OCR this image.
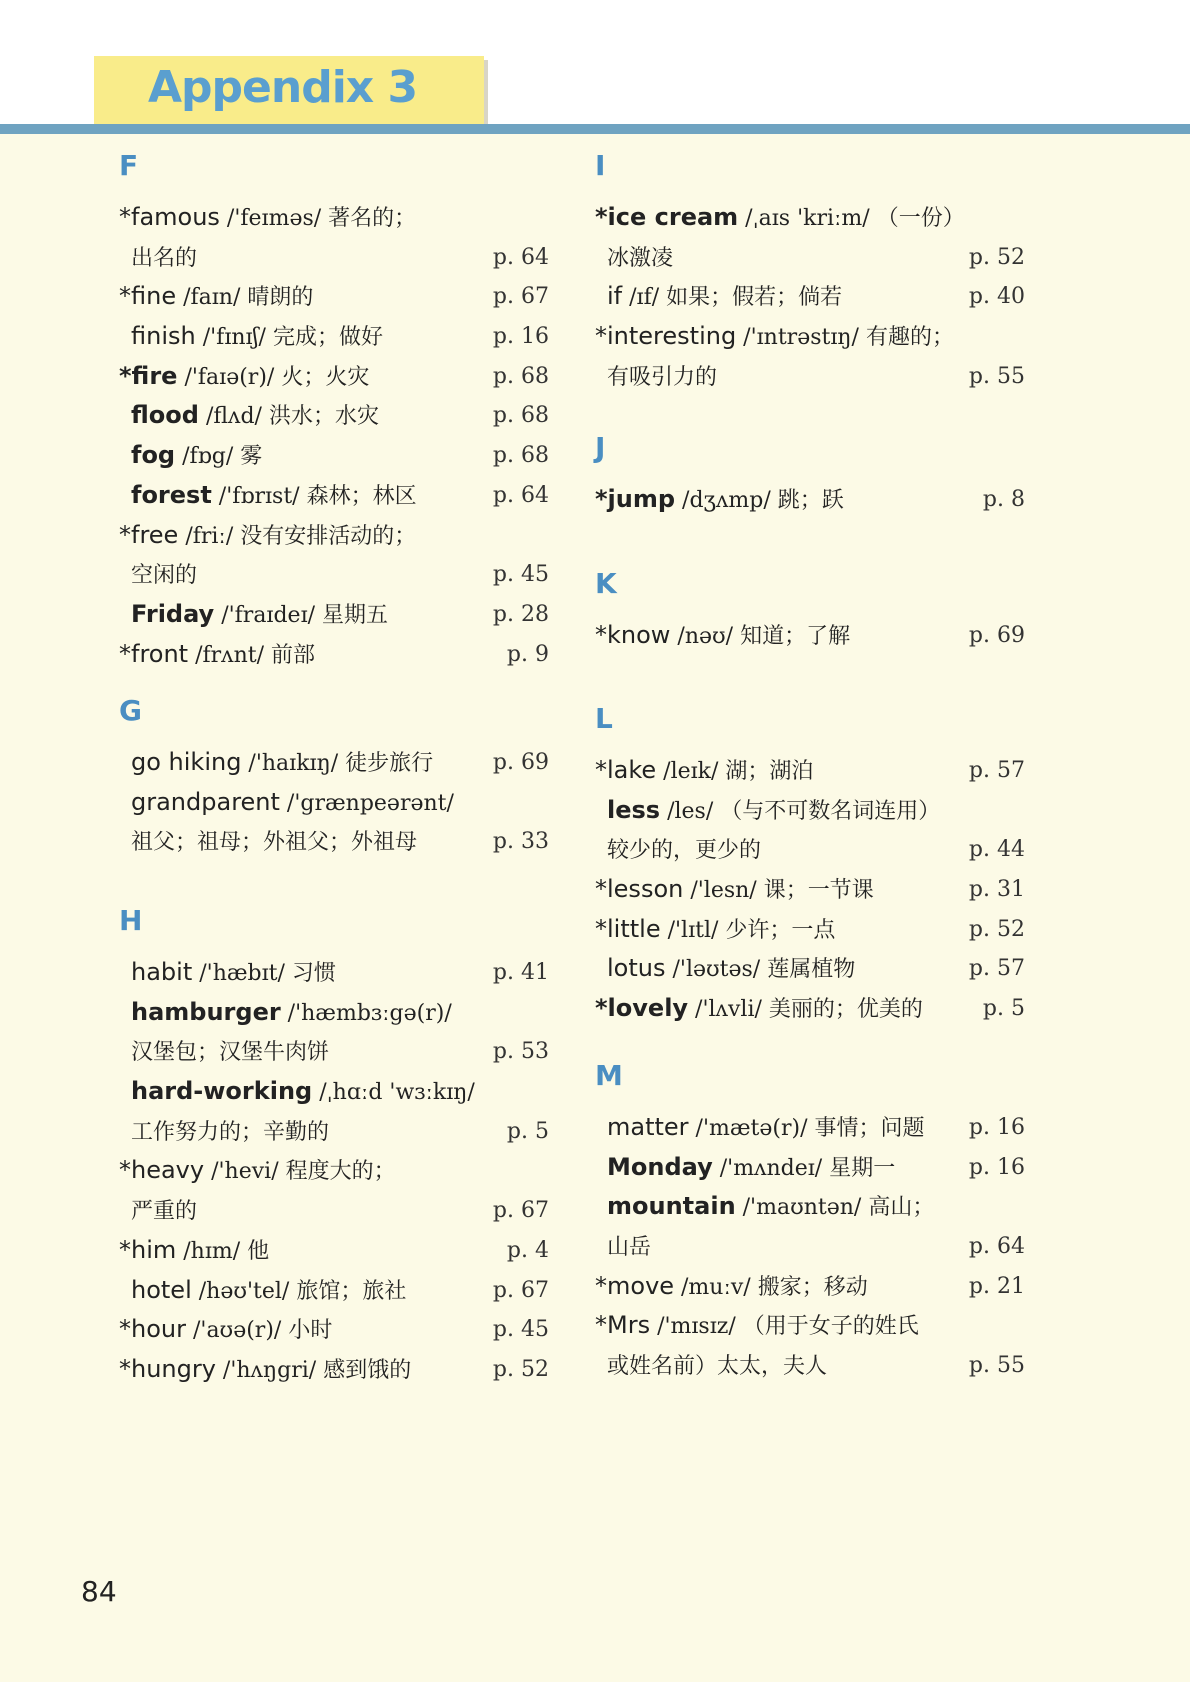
Appendix 3
F
*famous /'feɪməs/ 著名的；
出名的	p. 64
*fine /faɪn/ 晴朗的	p. 67
finish /'fɪnɪʃ/ 完成；做好	p. 16
*fire /'faɪə(r)/ 火；火灾	p. 68
flood /flʌd/ 洪水；水灾	p. 68
fog /fɒg/ 雾	p. 68
forest /'fɒrɪst/ 森林；林区	p. 64
*free /friː/ 没有安排活动的；
空闲的	p. 45
Friday /'fraɪdeɪ/ 星期五	p. 28
*front /frʌnt/ 前部	p. 9
G
go hiking /'haɪkɪŋ/ 徒步旅行	p. 69
grandparent /'grænpeərənt/
祖父；祖母；外祖父；外祖母	p. 33
H
habit /'hæbɪt/ 习惯	p. 41
hamburger /'hæmbɜːgə(r)/
汉堡包；汉堡牛肉饼	p. 53
hard-working /ˌhɑːd 'wɜːkɪŋ/
工作努力的；辛勤的	p. 5
*heavy /'hevi/ 程度大的；
严重的	p. 67
*him /hɪm/ 他	p. 4
hotel /həʊ'tel/ 旅馆；旅社	p. 67
*hour /'aʊə(r)/ 小时	p. 45
*hungry /'hʌŋgri/ 感到饿的	p. 52
I
*ice cream /ˌaɪs 'kriːm/ （一份）
冰激凌	p. 52
if /ɪf/ 如果；假若；倘若	p. 40
*interesting /'ɪntrəstɪŋ/ 有趣的；
有吸引力的	p. 55
J
*jump /dʒʌmp/ 跳；跃	p. 8
K
*know /nəʊ/ 知道；了解	p. 69
L
*lake /leɪk/ 湖；湖泊	p. 57
less /les/ （与不可数名词连用）
较少的，更少的	p. 44
*lesson /'lesn/ 课；一节课	p. 31
*little /'lɪtl/ 少许；一点	p. 52
lotus /'ləʊtəs/ 莲属植物	p. 57
*lovely /'lʌvli/ 美丽的；优美的	p. 5
M
matter /'mætə(r)/ 事情；问题 p. 16
Monday /'mʌndeɪ/ 星期一	p. 16
mountain /'maʊntən/ 高山；
山岳	p. 64
*move /muːv/ 搬家；移动	p. 21
*Mrs /'mɪsɪz/ （用于女子的姓氏
或姓名前）太太，夫人	p. 55
84
